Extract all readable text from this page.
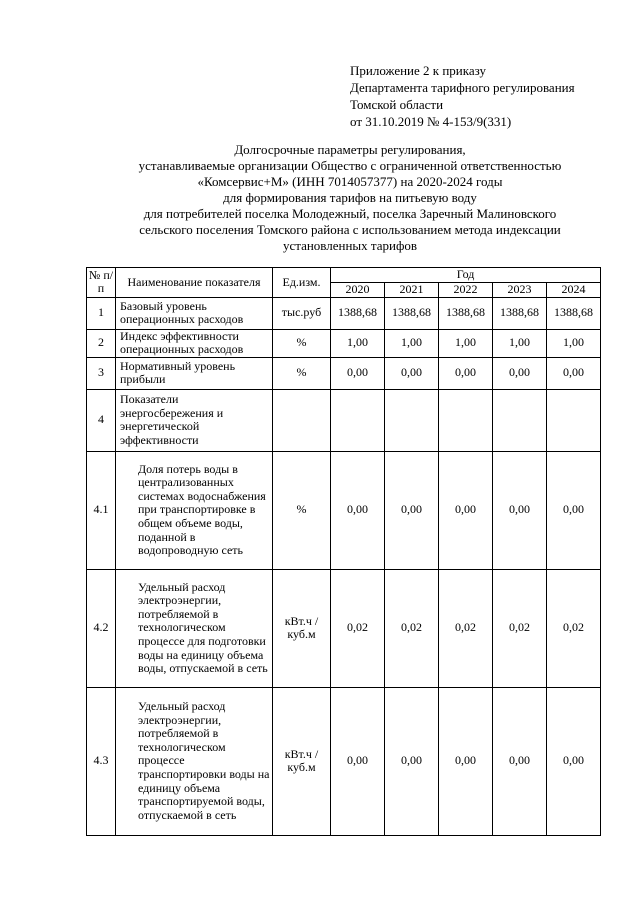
Приложение 2 к приказу
Департамента тарифного регулирования
Томской области
от 31.10.2019 № 4-153/9(331)
Долгосрочные параметры регулирования,
устанавливаемые организации Общество с ограниченной ответственностью
«Комсервис+М» (ИНН 7014057377) на 2020-2024 годы
для формирования тарифов на питьевую воду
для потребителей поселка Молодежный, поселка Заречный Малиновского
сельского поселения Томского района с использованием метода индексации
установленных тарифов
№ п/п	Наименование показателя	Ед.изм.	Год				
			2020	2021	2022	2023	2024
1	Базовый уровень операционных расходов	тыс.руб	1388,68	1388,68	1388,68	1388,68	1388,68
2	Индекс эффективности операционных расходов	%	1,00	1,00	1,00	1,00	1,00
3	Нормативный уровень прибыли	%	0,00	0,00	0,00	0,00	0,00
4	Показатели энергосбережения и энергетической эффективности						
4.1	Доля потерь воды в централизованных системах водоснабжения при транспортировке в общем объеме воды, поданной в водопроводную сеть	%	0,00	0,00	0,00	0,00	0,00
4.2	Удельный расход электроэнергии, потребляемой в технологическом процессе для подготовки воды на единицу объема воды, отпускаемой в сеть	кВт.ч / куб.м	0,02	0,02	0,02	0,02	0,02
4.3	Удельный расход электроэнергии, потребляемой в технологическом процессе транспортировки воды на единицу объема транспортируемой воды, отпускаемой в сеть	кВт.ч / куб.м	0,00	0,00	0,00	0,00	0,00
